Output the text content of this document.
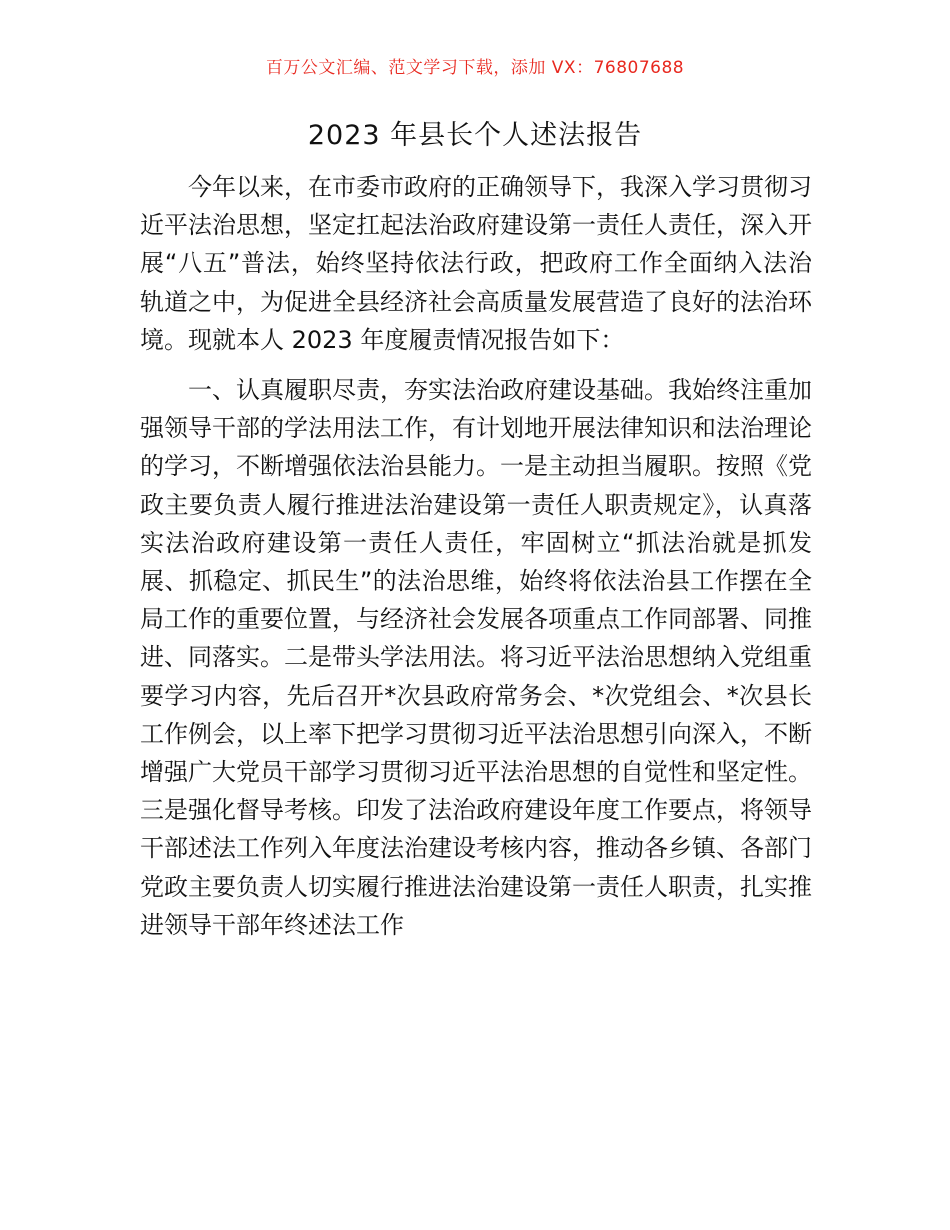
百万公文汇编、范文学习下载，添加 VX：76807688
2023 年县长个人述法报告

今年以来，在市委市政府的正确领导下，我深入学习贯彻习近平法治思想，坚定扛起法治政府建设第一责任人责任，深入开展“八五”普法，始终坚持依法行政，把政府工作全面纳入法治轨道之中，为促进全县经济社会高质量发展营造了良好的法治环境。现就本人 2023 年度履责情况报告如下：

一、认真履职尽责，夯实法治政府建设基础。我始终注重加强领导干部的学法用法工作，有计划地开展法律知识和法治理论的学习，不断增强依法治县能力。一是主动担当履职。按照《党政主要负责人履行推进法治建设第一责任人职责规定》，认真落实法治政府建设第一责任人责任，牢固树立“抓法治就是抓发展、抓稳定、抓民生”的法治思维，始终将依法治县工作摆在全局工作的重要位置，与经济社会发展各项重点工作同部署、同推进、同落实。二是带头学法用法。将习近平法治思想纳入党组重要学习内容，先后召开*次县政府常务会、*次党组会、*次县长工作例会，以上率下把学习贯彻习近平法治思想引向深入，不断增强广大党员干部学习贯彻习近平法治思想的自觉性和坚定性。三是强化督导考核。印发了法治政府建设年度工作要点，将领导干部述法工作列入年度法治建设考核内容，推动各乡镇、各部门党政主要负责人切实履行推进法治建设第一责任人职责，扎实推进领导干部年终述法工作
